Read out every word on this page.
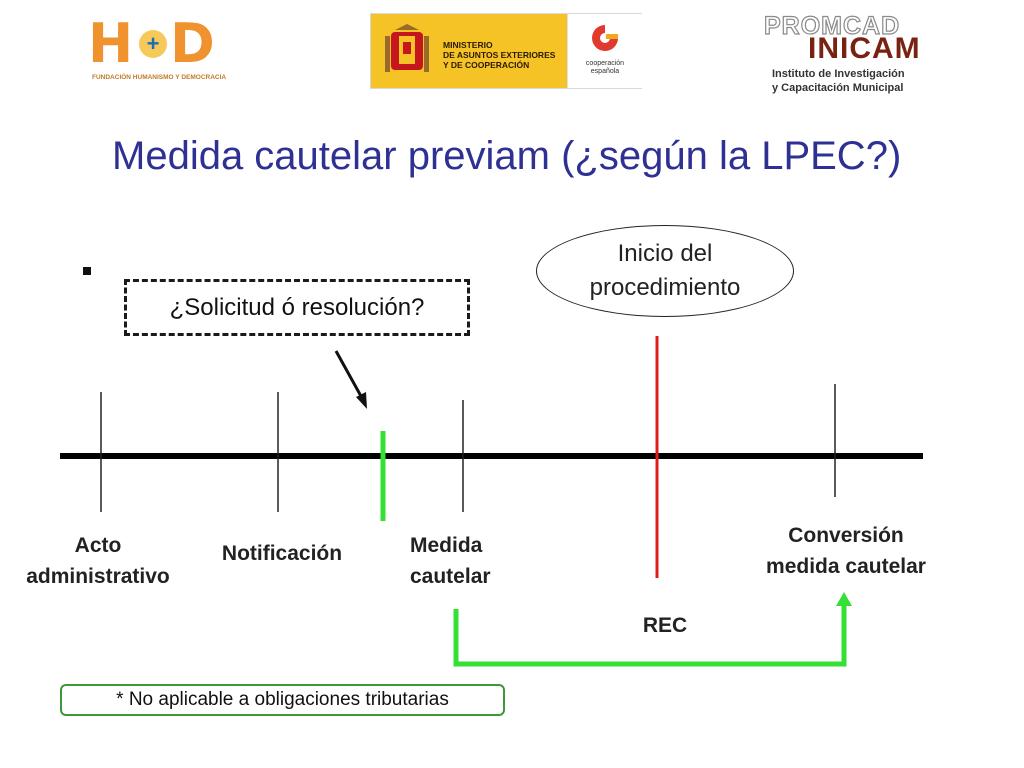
H D
+
FUNDACIÓN HUMANISMO Y DEMOCRACIA
MINISTERIO
DE ASUNTOS EXTERIORES
Y DE COOPERACIÓN	cooperación
española
PROMCAD
INICAM
Instituto de Investigación
y Capacitación Municipal
Medida cautelar previam (¿según la LPEC?)
¿Solicitud ó resolución?
Inicio del
procedimiento
Acto
administrativo
Notificación	Medida
cautelar
REC
Conversión
medida cautelar
* No aplicable a obligaciones tributarias
